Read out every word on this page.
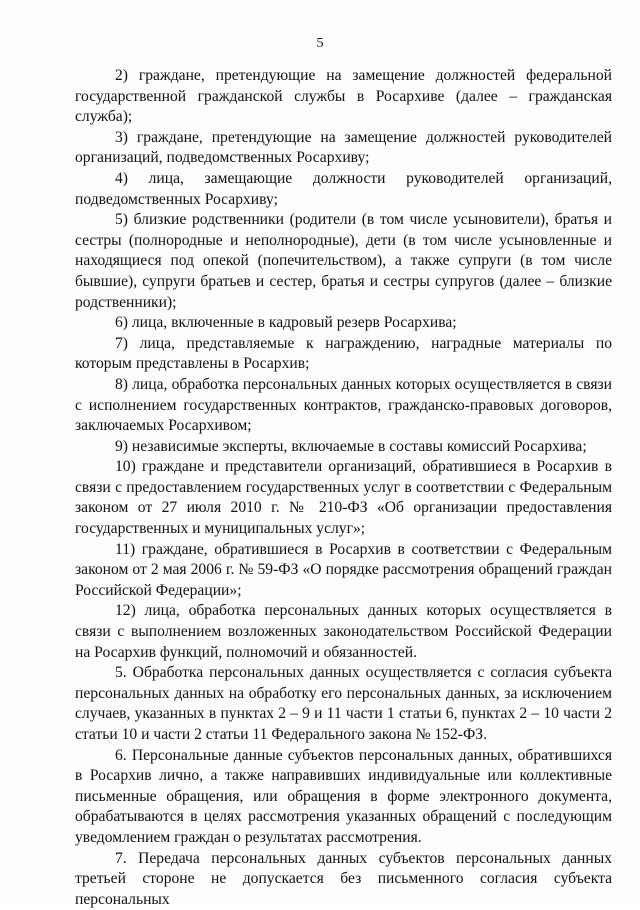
5

2) граждане, претендующие на замещение должностей федеральной государственной гражданской службы в Росархиве (далее – гражданская служба);

3) граждане, претендующие на замещение должностей руководителей организаций, подведомственных Росархиву;

4) лица, замещающие должности руководителей организаций, подведомственных Росархиву;

5) близкие родственники (родители (в том числе усыновители), братья и сестры (полнородные и неполнородные), дети (в том числе усыновленные и находящиеся под опекой (попечительством), а также супруги (в том числе бывшие), супруги братьев и сестер, братья и сестры супругов (далее – близкие родственники);

6) лица, включенные в кадровый резерв Росархива;

7) лица, представляемые к награждению, наградные материалы по которым представлены в Росархив;

8) лица, обработка персональных данных которых осуществляется в связи с исполнением государственных контрактов, гражданско-правовых договоров, заключаемых Росархивом;

9) независимые эксперты, включаемые в составы комиссий Росархива;

10) граждане и представители организаций, обратившиеся в Росархив в связи с предоставлением государственных услуг в соответствии с Федеральным законом от 27 июля 2010 г. № 210-ФЗ «Об организации предоставления государственных и муниципальных услуг»;

11) граждане, обратившиеся в Росархив в соответствии с Федеральным законом от 2 мая 2006 г. № 59-ФЗ «О порядке рассмотрения обращений граждан Российской Федерации»;

12) лица, обработка персональных данных которых осуществляется в связи с выполнением возложенных законодательством Российской Федерации на Росархив функций, полномочий и обязанностей.

5. Обработка персональных данных осуществляется с согласия субъекта персональных данных на обработку его персональных данных, за исключением случаев, указанных в пунктах 2 – 9 и 11 части 1 статьи 6, пунктах 2 – 10 части 2 статьи 10 и части 2 статьи 11 Федерального закона № 152-ФЗ.

6. Персональные данные субъектов персональных данных, обратившихся в Росархив лично, а также направивших индивидуальные или коллективные письменные обращения, или обращения в форме электронного документа, обрабатываются в целях рассмотрения указанных обращений с последующим уведомлением граждан о результатах рассмотрения.

7. Передача персональных данных субъектов персональных данных третьей стороне не допускается без письменного согласия субъекта персональных
